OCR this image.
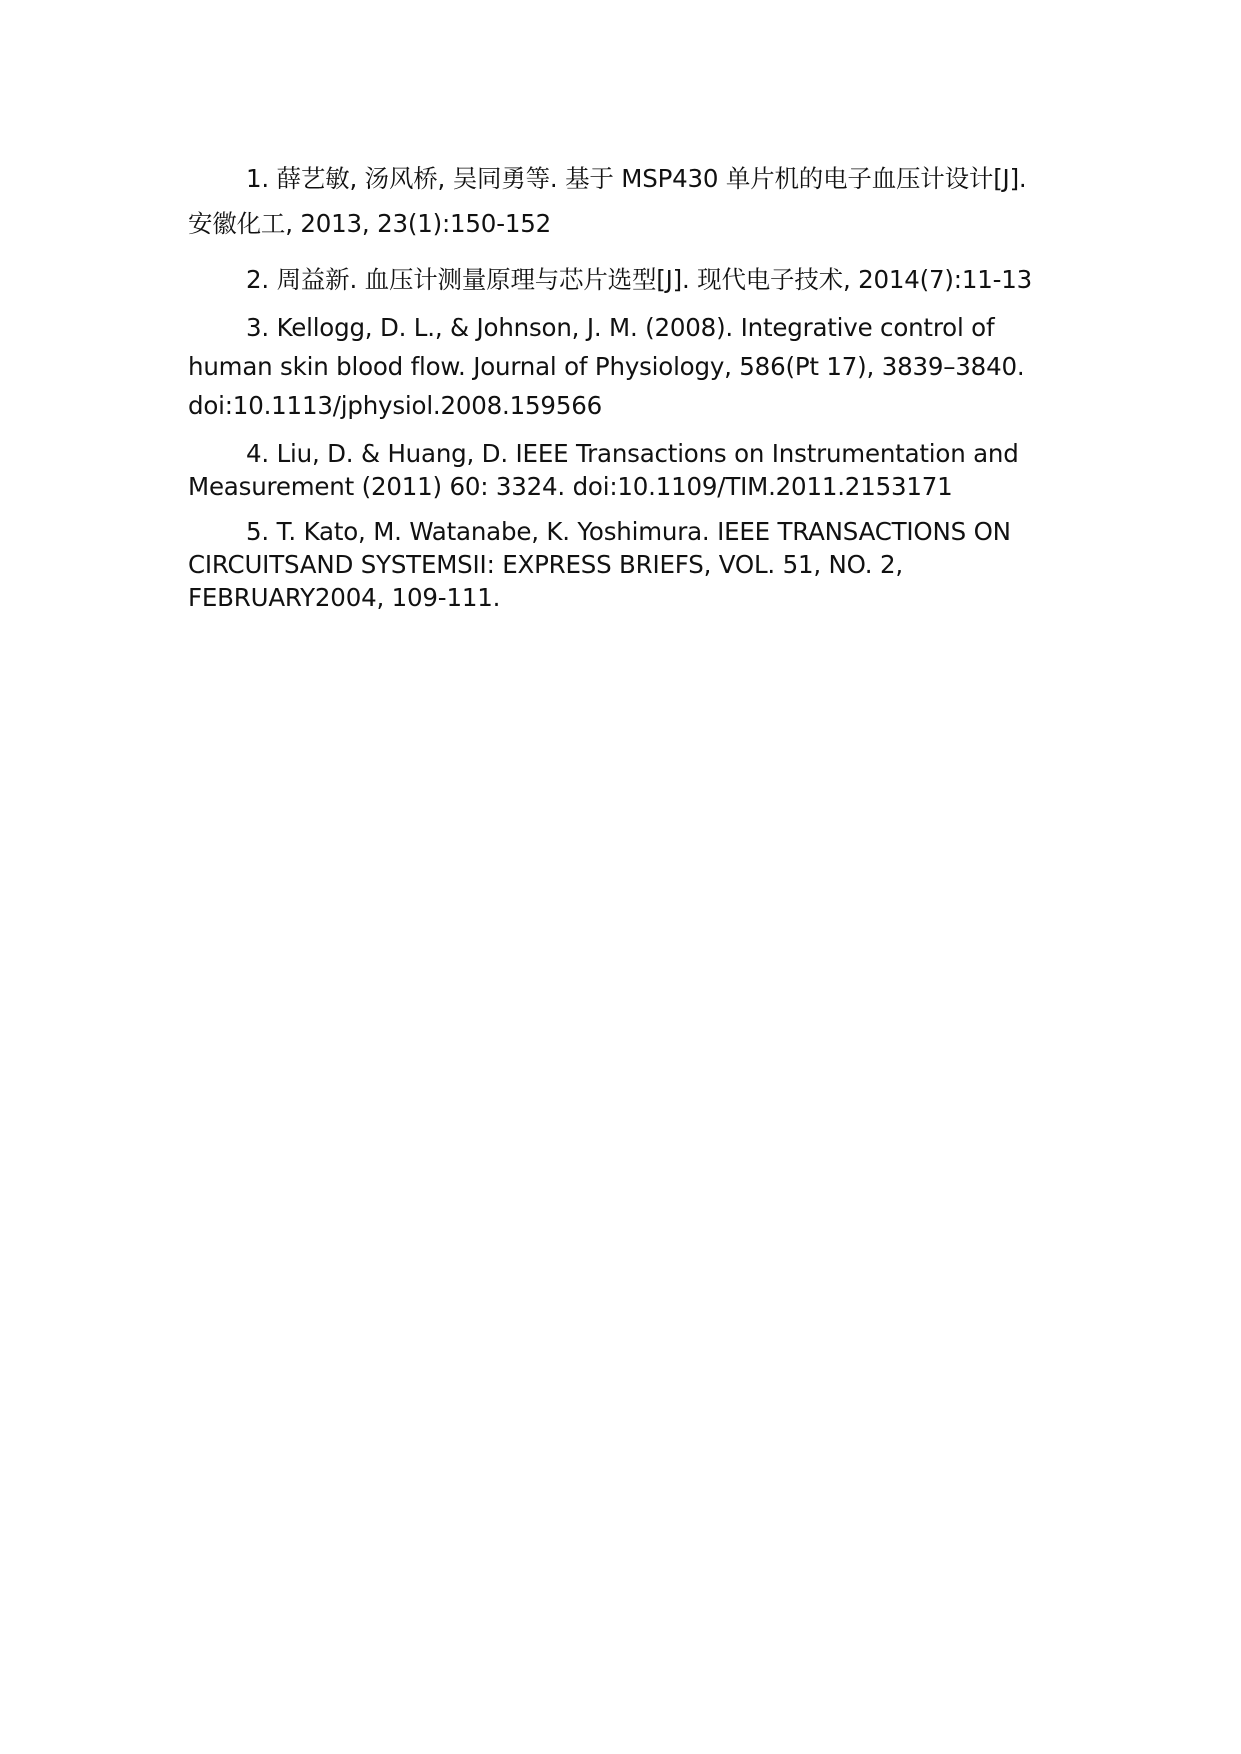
1. 薛艺敏, 汤风桥, 吴同勇等. 基于 MSP430 单片机的电子血压计设计[J]. 安徽化工, 2013, 23(1):150-152

2. 周益新. 血压计测量原理与芯片选型[J]. 现代电子技术, 2014(7):11-13

3. Kellogg, D. L., & Johnson, J. M. (2008). Integrative control of human skin blood flow. Journal of Physiology, 586(Pt 17), 3839–3840. doi:10.1113/jphysiol.2008.159566

4. Liu, D. & Huang, D. IEEE Transactions on Instrumentation and Measurement (2011) 60: 3324. doi:10.1109/TIM.2011.2153171

5. T. Kato, M. Watanabe, K. Yoshimura. IEEE TRANSACTIONS ON CIRCUITSAND SYSTEMSII: EXPRESS BRIEFS, VOL. 51, NO. 2, FEBRUARY2004, 109-111.
